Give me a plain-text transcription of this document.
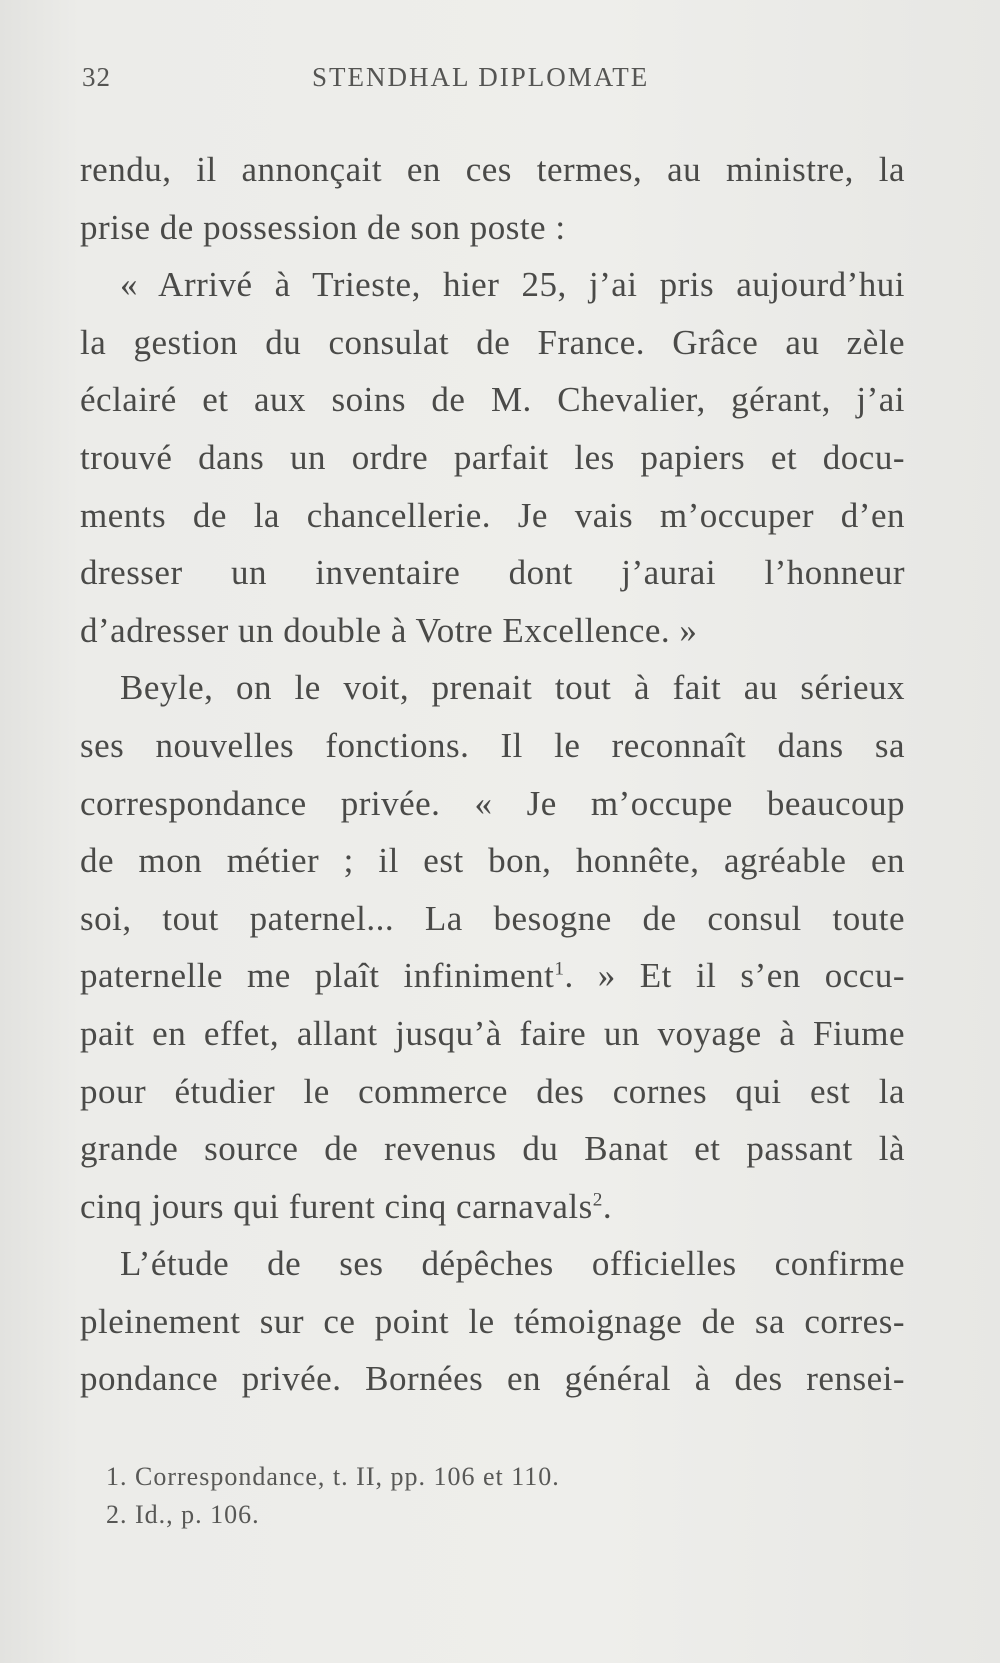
32	STENDHAL DIPLOMATE
rendu, il annonçait en ces termes, au ministre, la
prise de possession de son poste :
« Arrivé à Trieste, hier 25, j’ai pris aujourd’hui
la gestion du consulat de France. Grâce au zèle
éclairé et aux soins de M. Chevalier, gérant, j’ai
trouvé dans un ordre parfait les papiers et docu-
ments de la chancellerie. Je vais m’occuper d’en
dresser un inventaire dont j’aurai l’honneur
d’adresser un double à Votre Excellence. »
Beyle, on le voit, prenait tout à fait au sérieux
ses nouvelles fonctions. Il le reconnaît dans sa
correspondance privée. « Je m’occupe beaucoup
de mon métier ; il est bon, honnête, agréable en
soi, tout paternel... La besogne de consul toute
paternelle me plaît infiniment$^1$. » Et il s’en occu-
pait en effet, allant jusqu’à faire un voyage à Fiume
pour étudier le commerce des cornes qui est la
grande source de revenus du Banat et passant là
cinq jours qui furent cinq carnavals$^2$.
L’étude de ses dépêches officielles confirme
pleinement sur ce point le témoignage de sa corres-
pondance privée. Bornées en général à des rensei-
1. Correspondance, t. II, pp. 106 et 110.
2. Id., p. 106.
